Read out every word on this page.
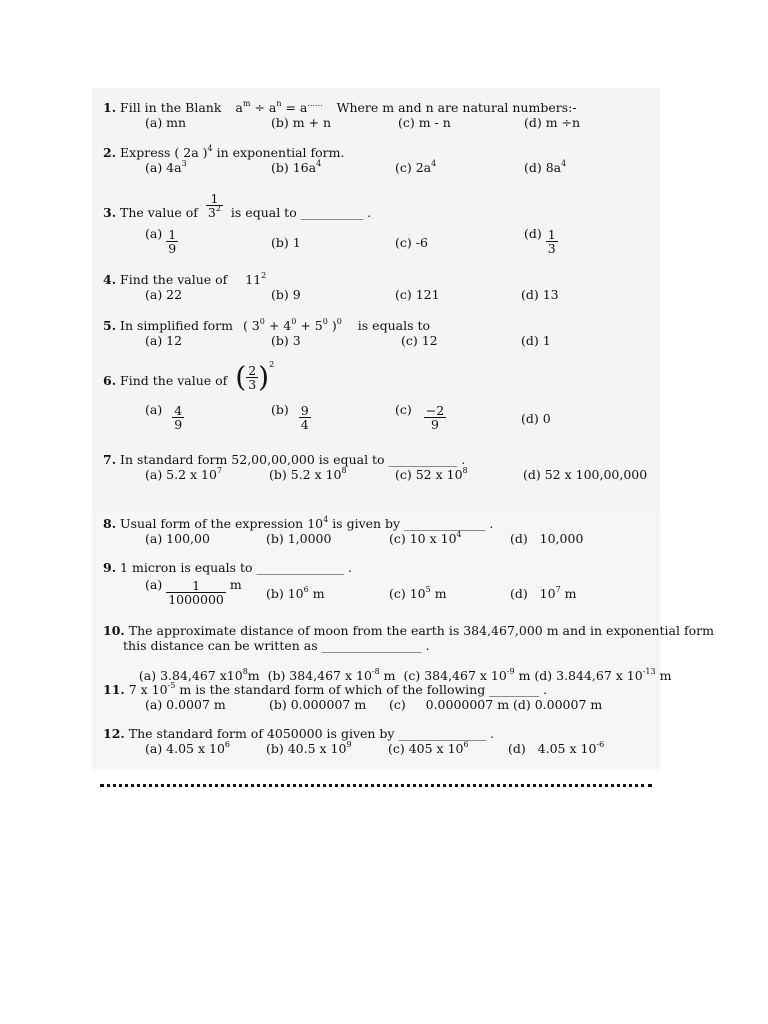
1. Fill in the Blank $a^m \div a^n = a^{......}$ Where m and n are natural numbers:-
(a) mn	(b) m + n	(c) m - n	(d) m ÷n
2. Express ( 2a )$^4$ in exponential form.
(a) $4a^3$	(b) $16a^4$	(c) $2a^4$	(d) $8a^4$
3. The value of $\frac{1}{3^2}$ is equal to __________ .
$(a) \frac{1}{9}$	(b) 1	(c) -6
$(d) \frac{1}{3}$
4. Find the value of $11^2$
(a) 22	(b) 9	(c) 121	(d) 13
5. In simplified form ( $3^0 + 4^0 + 5^0$ )$^0$ is equals to
(a) 12	(b) 3	(c) 12	(d) 1
6. Find the value of ( $\frac{2}{3} )^2$
$(a) \frac{4}{9}$	$(b) \frac{9}{4}$	$(c) \frac{-2}{9}$	(d) 0
7. In standard form 52,00,00,000 is equal to ___________ .
(a) 5.2 x $10^7$	(b) 5.2 x $10^8$	(c) 52 x $10^8$	(d) 52 x 100,00,000
8. Usual form of the expression $10^4$ is given by _____________ .
(a) 100,00	(b) 1,0000	(c) 10 x $10^4$	(d)   10,000
9. 1 micron is equals to ______________ .
$(a) \frac{1}{1000000}$ m
(b) $10^6$ m	(c) $10^5$ m	(d)   $10^7$ m
10. The approximate distance of moon from the earth is 384,467,000 m and in exponential form
this distance can be written as ________________ .

(a) 3.84,467 $x10^8m$  (b) 384,467 x $10^{-8}$ m  (c) 384,467 x $10^{-9}$ m (d) 3.844,67 x $10^{-13}$ m

11. 7 x $10^{-5}$ m is the standard form of which of the following ________ .
(a) 0.0007 m	(b) 0.000007 m (c)     0.0000007 m (d) 0.00007 m
12. The standard form of 4050000 is given by ______________ .
(a) 4.05 x $10^6$	(b) 40.5 x $10^9$	(c) 405 x $10^6$	(d)   4.05 x $10^{-6}$
